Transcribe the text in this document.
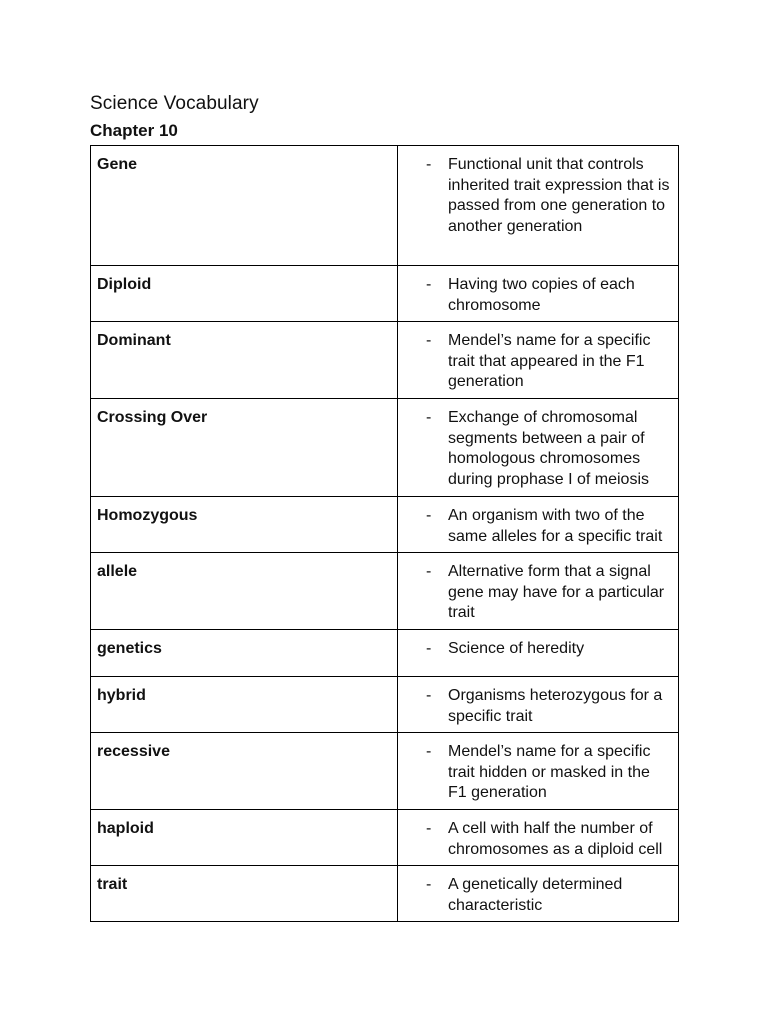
Science Vocabulary
Chapter 10
Gene	- Functional unit that controls inherited trait expression that is passed from one generation to another generation

Diploid	- Having two copies of each chromosome

Dominant	- Mendel’s name for a specific trait that appeared in the F1 generation

Crossing Over	- Exchange of chromosomal segments between a pair of homologous chromosomes during prophase I of meiosis

Homozygous	- An organism with two of the same alleles for a specific trait

allele	- Alternative form that a signal gene may have for a particular trait

genetics	- Science of heredity

hybrid	- Organisms heterozygous for a specific trait

recessive	- Mendel’s name for a specific trait hidden or masked in the F1 generation

haploid	- A cell with half the number of chromosomes as a diploid cell

trait	- A genetically determined characteristic
